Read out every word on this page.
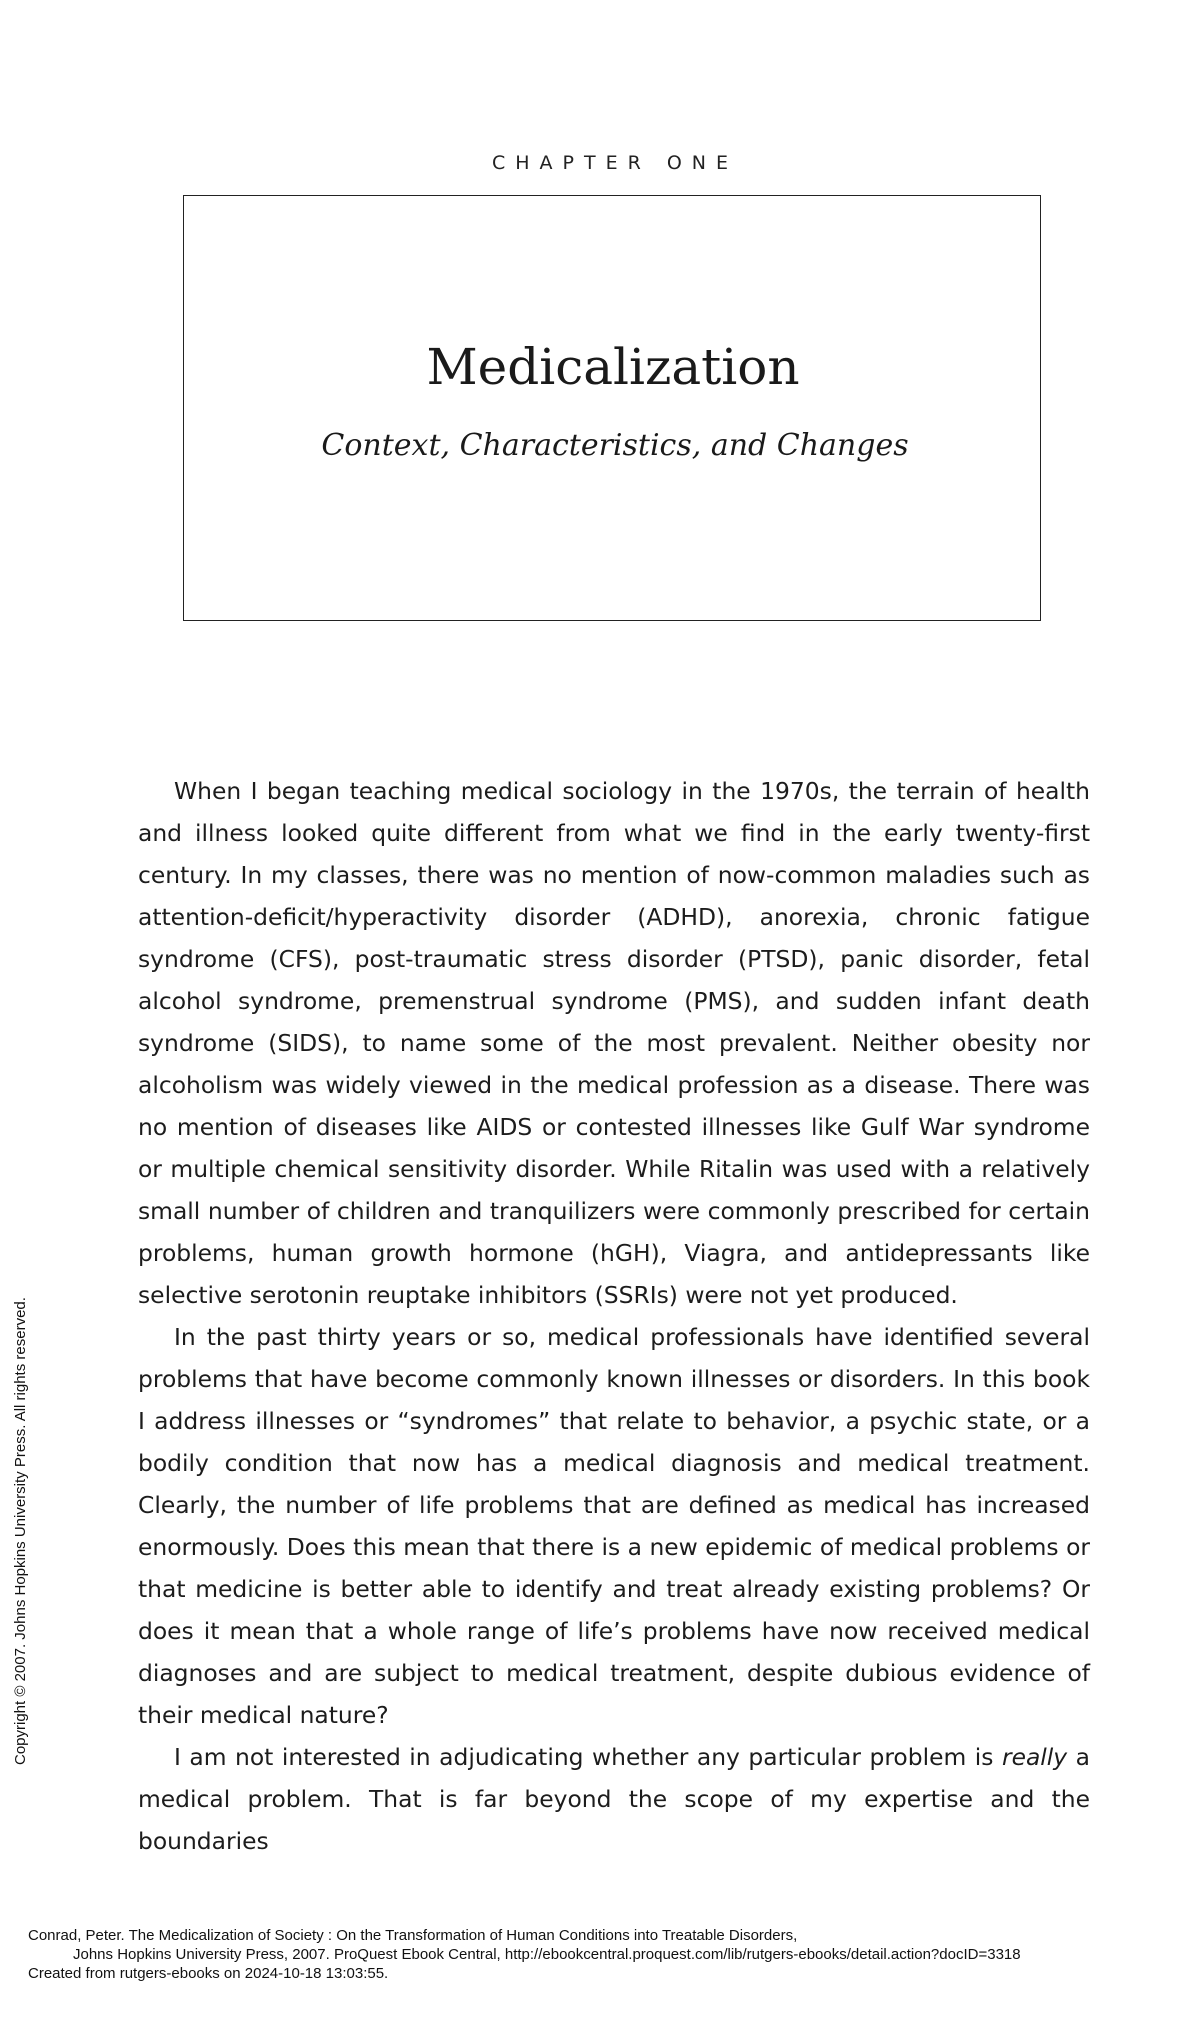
CHAPTER ONE
Medicalization
Context, Characteristics, and Changes

When I began teaching medical sociology in the 1970s, the terrain of health and illness looked quite different from what we find in the early twenty-first century. In my classes, there was no mention of now-common maladies such as attention-deficit/hyperactivity disorder (ADHD), anorexia, chronic fatigue syndrome (CFS), post-traumatic stress disorder (PTSD), panic disorder, fetal alcohol syndrome, premenstrual syndrome (PMS), and sudden infant death syndrome (SIDS), to name some of the most prevalent. Neither obesity nor alcoholism was widely viewed in the medical profession as a disease. There was no mention of diseases like AIDS or contested illnesses like Gulf War syndrome or multiple chemical sensitivity disorder. While Ritalin was used with a relatively small number of children and tranquilizers were commonly prescribed for certain problems, human growth hormone (hGH), Viagra, and antidepressants like selective serotonin reuptake inhibitors (SSRIs) were not yet produced.

In the past thirty years or so, medical professionals have identified several problems that have become commonly known illnesses or disorders. In this book I address illnesses or “syndromes” that relate to behavior, a psychic state, or a bodily condition that now has a medical diagnosis and medical treatment. Clearly, the number of life problems that are defined as medical has increased enormously. Does this mean that there is a new epidemic of medical problems or that medicine is better able to identify and treat already existing problems? Or does it mean that a whole range of life’s problems have now received medical diagnoses and are subject to medical treatment, despite dubious evidence of their medical nature?

I am not interested in adjudicating whether any particular problem is really a medical problem. That is far beyond the scope of my expertise and the boundaries

Copyright © 2007. Johns Hopkins University Press. All rights reserved.
Conrad, Peter. The Medicalization of Society : On the Transformation of Human Conditions into Treatable Disorders,
Johns Hopkins University Press, 2007. ProQuest Ebook Central, http://ebookcentral.proquest.com/lib/rutgers-ebooks/detail.action?docID=3318
Created from rutgers-ebooks on 2024-10-18 13:03:55.
